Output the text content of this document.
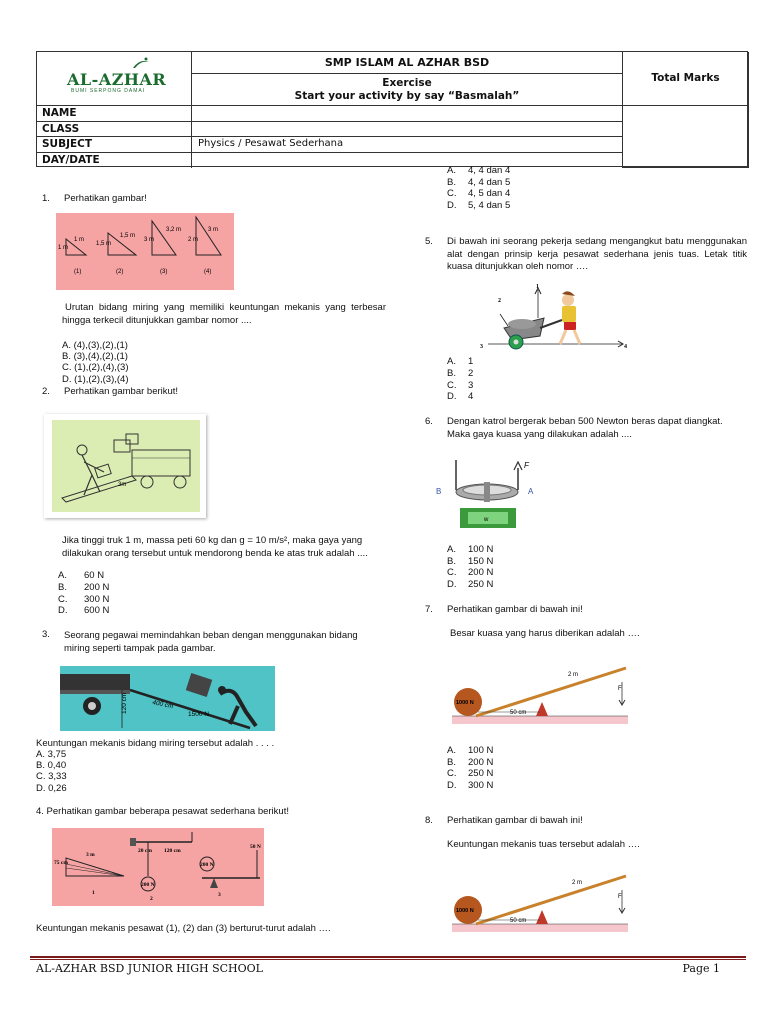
AL-AZHAR
BUMI SERPONG DAMAI
SMP ISLAM AL AZHAR BSD
Exercise
Start your activity by say “Basmalah”
Total Marks
NAME
CLASS
SUBJECT	Physics / Pesawat Sederhana
DAY/DATE
1. Perhatikan gambar!
1 m
1 m
1,5 m
1,5 m
3 m
3,2 m
2 m
3 m
(1)	(2)	(3)	(4)
Urutan bidang miring yang memiliki keuntungan mekanis yang terbesar hingga terkecil ditunjukkan gambar nomor ....
A. (4),(3),(2),(1)
B. (3),(4),(2),(1)
C. (1),(2),(4),(3)
D. (1),(2),(3),(4)
2. Perhatikan gambar berikut!
3m
Jika tinggi truk 1 m, massa peti 60 kg dan g = 10 m/s², maka gaya yang dilakukan orang tersebut untuk mendorong benda ke atas truk adalah ....
A. 60 N
B. 200 N
C. 300 N
D. 600 N
3. Seorang pegawai memindahkan beban dengan menggunakan bidang miring seperti tampak pada gambar.
120 cm	400 cm
1500 N
Keuntungan mekanis bidang miring tersebut adalah . . . .
A. 3,75
B. 0,40
C. 3,33
D. 0,26
4. Perhatikan gambar beberapa pesawat sederhana berikut!
75 cm
3 m
1
20 cm 120 cm
200 N
2
200 N
50 N
3
Keuntungan mekanis pesawat (1), (2) dan (3) berturut-turut adalah ….
A. 4, 4 dan 4
B. 4, 4 dan 5
C. 4, 5 dan 4
D. 5, 4 dan 5
5. Di bawah ini seorang pekerja sedang mengangkut batu menggunakan alat dengan prinsip kerja pesawat sederhana jenis tuas. Letak titik kuasa ditunjukkan oleh nomor ….
1
2
3	4
A. 1
B. 2
C. 3
D. 4
6. Dengan katrol bergerak beban 500 Newton beras dapat diangkat. Maka gaya kuasa yang dilakukan adalah ....
B	A
F
w
A. 100 N
B. 150 N
C. 200 N
D. 250 N
7. Perhatikan gambar di bawah ini!
Besar kuasa yang harus diberikan adalah ….
2 m
1000 N
50 cm
F
A. 100 N
B. 200 N
C. 250 N
D. 300 N
8. Perhatikan gambar di bawah ini!
Keuntungan mekanis tuas tersebut adalah ….
2 m
1000 N
50 cm
F
AL-AZHAR BSD JUNIOR HIGH SCHOOL	Page 1
